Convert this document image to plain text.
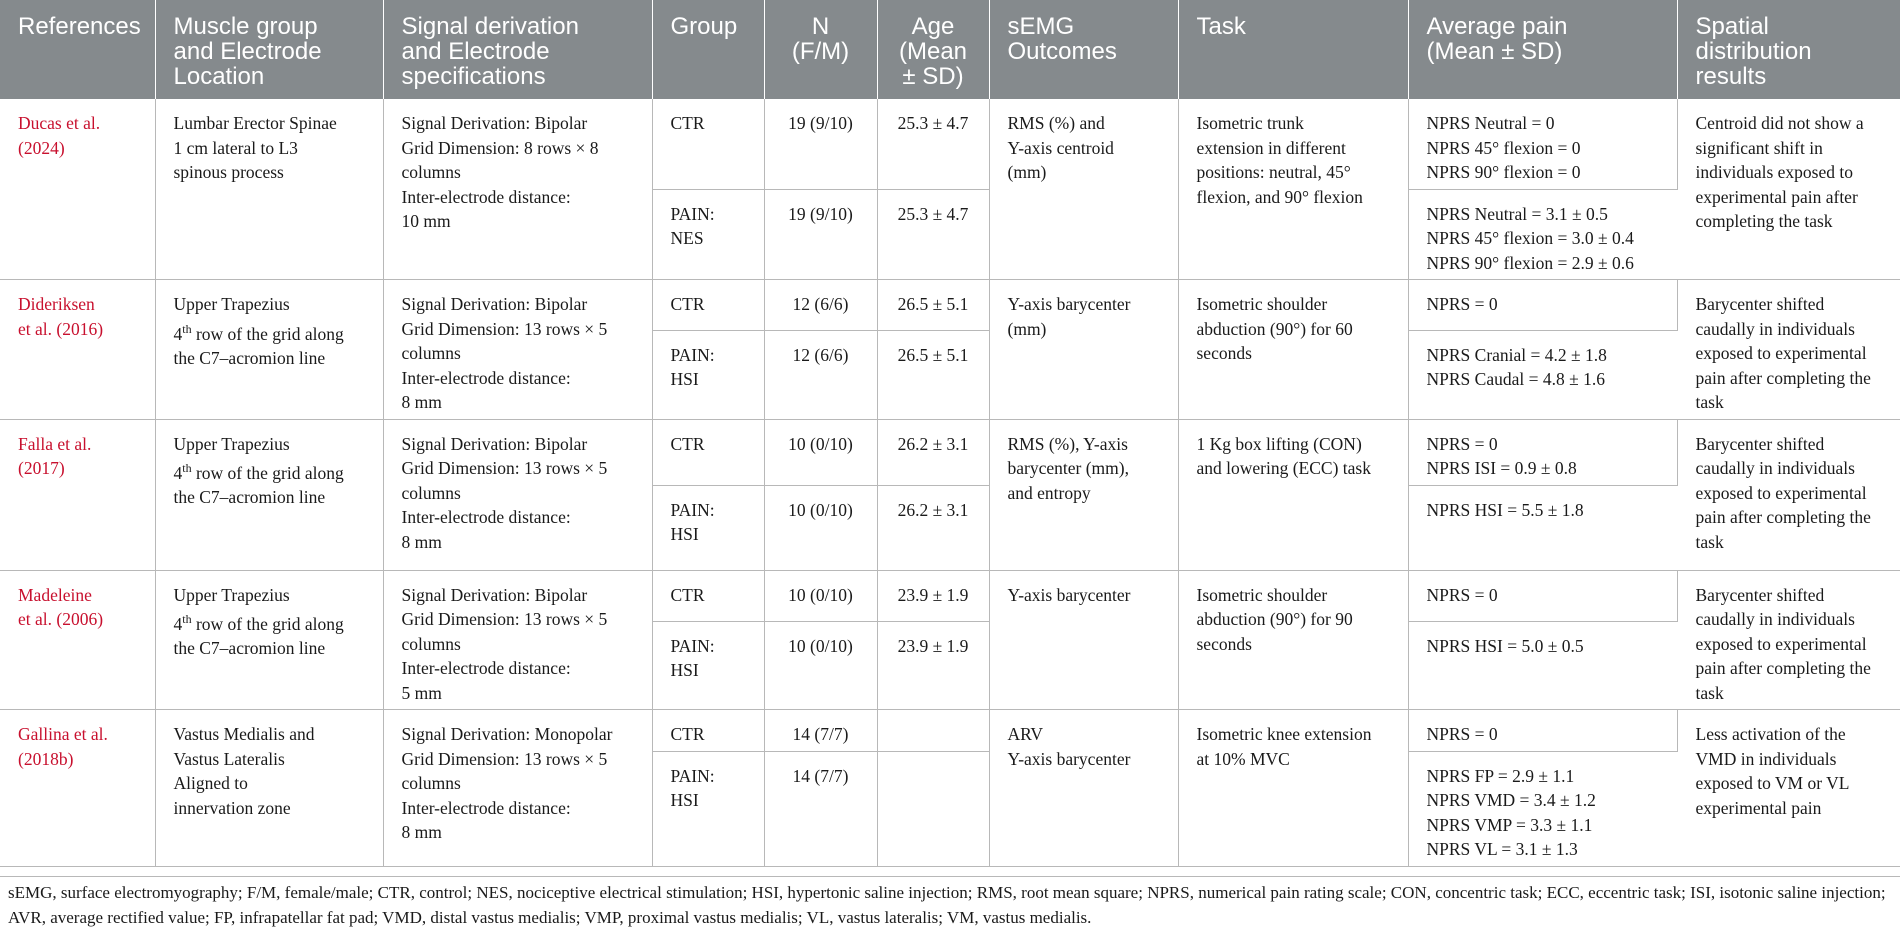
References	Muscle group
and Electrode
Location	Signal derivation
and Electrode
specifications	Group	N
(F/M)	Age
(Mean
± SD)	sEMG
Outcomes	Task	Average pain
(Mean ± SD)	Spatial
distribution
results

Ducas et al.
(2024)	Lumbar Erector Spinae
1 cm lateral to L3
spinous process	Signal Derivation: Bipolar
Grid Dimension: 8 rows × 8
columns
Inter-electrode distance:
10 mm	CTR	19 (9/10)	25.3 ± 4.7	RMS (%) and
Y-axis centroid
(mm)	Isometric trunk
extension in different
positions: neutral, 45°
flexion, and 90° flexion	NPRS Neutral = 0
NPRS 45° flexion = 0
NPRS 90° flexion = 0	Centroid did not show a
significant shift in
individuals exposed to
experimental pain after
completing the task

			PAIN:
NES	19 (9/10)	25.3 ± 4.7			NPRS Neutral = 3.1 ± 0.5
NPRS 45° flexion = 3.0 ± 0.4
NPRS 90° flexion = 2.9 ± 0.6	

Dideriksen
et al. (2016)	Upper Trapezius
4th row of the grid along
the C7–acromion line	Signal Derivation: Bipolar
Grid Dimension: 13 rows × 5
columns
Inter-electrode distance:
8 mm	CTR	12 (6/6)	26.5 ± 5.1	Y-axis barycenter
(mm)	Isometric shoulder
abduction (90°) for 60
seconds	NPRS = 0	Barycenter shifted
caudally in individuals
exposed to experimental
pain after completing the
task

			PAIN:
HSI	12 (6/6)	26.5 ± 5.1			NPRS Cranial = 4.2 ± 1.8
NPRS Caudal = 4.8 ± 1.6	

Falla et al.
(2017)	Upper Trapezius
4th row of the grid along
the C7–acromion line	Signal Derivation: Bipolar
Grid Dimension: 13 rows × 5
columns
Inter-electrode distance:
8 mm	CTR	10 (0/10)	26.2 ± 3.1	RMS (%), Y-axis
barycenter (mm),
and entropy	1 Kg box lifting (CON)
and lowering (ECC) task	NPRS = 0
NPRS ISI = 0.9 ± 0.8	Barycenter shifted
caudally in individuals
exposed to experimental
pain after completing the
task

			PAIN:
HSI	10 (0/10)	26.2 ± 3.1			NPRS HSI = 5.5 ± 1.8	

Madeleine
et al. (2006)	Upper Trapezius
4th row of the grid along
the C7–acromion line	Signal Derivation: Bipolar
Grid Dimension: 13 rows × 5
columns
Inter-electrode distance:
5 mm	CTR	10 (0/10)	23.9 ± 1.9	Y-axis barycenter	Isometric shoulder
abduction (90°) for 90
seconds	NPRS = 0	Barycenter shifted
caudally in individuals
exposed to experimental
pain after completing the
task

			PAIN:
HSI	10 (0/10)	23.9 ± 1.9			NPRS HSI = 5.0 ± 0.5	

Gallina et al.
(2018b)	Vastus Medialis and
Vastus Lateralis
Aligned to
innervation zone	Signal Derivation: Monopolar
Grid Dimension: 13 rows × 5
columns
Inter-electrode distance:
8 mm	CTR	14 (7/7)		ARV
Y-axis barycenter	Isometric knee extension
at 10% MVC	NPRS = 0	Less activation of the
VMD in individuals
exposed to VM or VL
experimental pain

			PAIN:
HSI	14 (7/7)				NPRS FP = 2.9 ± 1.1
NPRS VMD = 3.4 ± 1.2
NPRS VMP = 3.3 ± 1.1
NPRS VL = 3.1 ± 1.3	
sEMG, surface electromyography; F/M, female/male; CTR, control; NES, nociceptive electrical stimulation; HSI, hypertonic saline injection; RMS, root mean square; NPRS, numerical pain rating scale; CON, concentric task; ECC, eccentric task; ISI, isotonic saline injection; AVR, average rectified value; FP, infrapatellar fat pad; VMD, distal vastus medialis; VMP, proximal vastus medialis; VL, vastus lateralis; VM, vastus medialis.
